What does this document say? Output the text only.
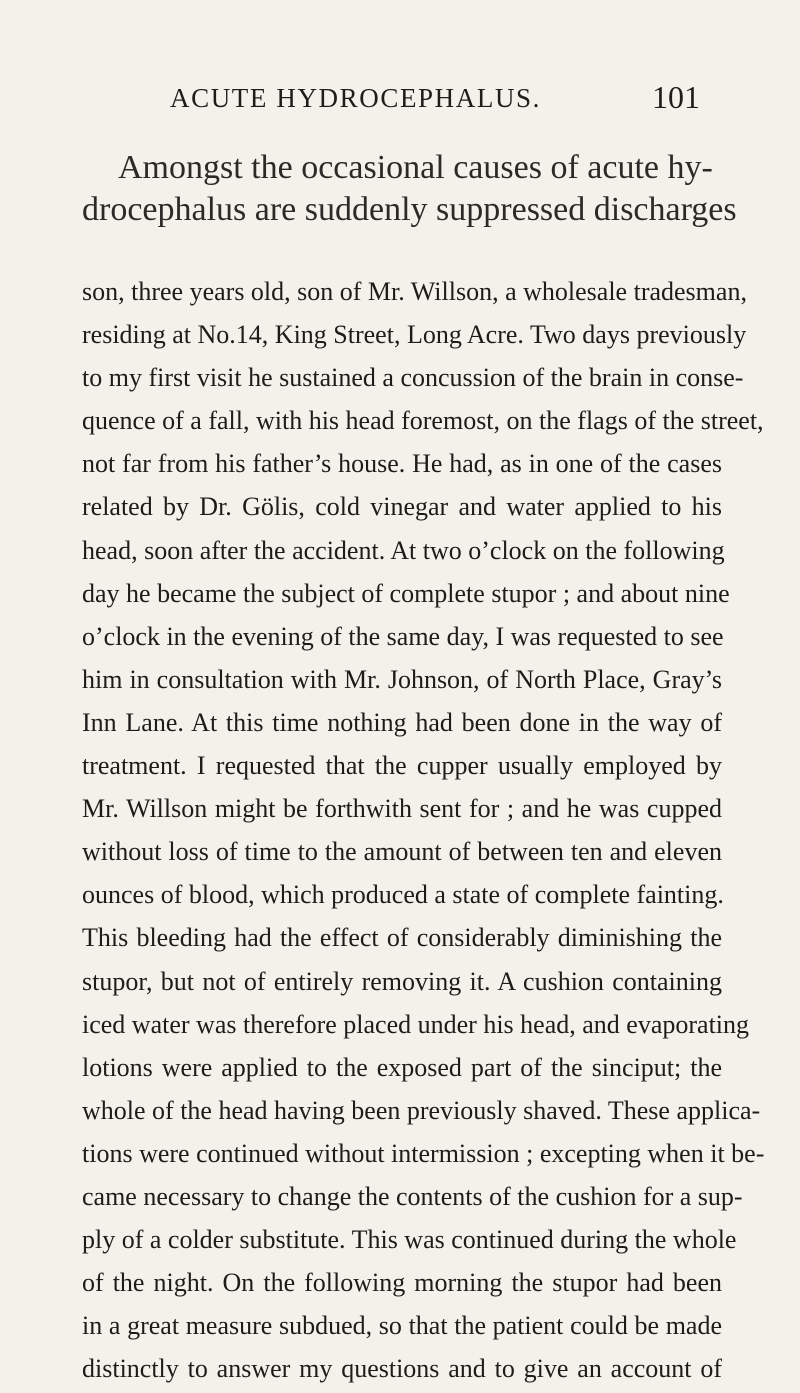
ACUTE HYDROCEPHALUS.	101
Amongst the occasional causes of acute hy-
drocephalus are suddenly suppressed discharges
son, three years old, son of Mr. Willson, a wholesale tradesman,
residing at No.14, King Street, Long Acre. Two days previously
to my first visit he sustained a concussion of the brain in conse-
quence of a fall, with his head foremost, on the flags of the street,
not far from his father’s house. He had, as in one of the cases
related by Dr. Gölis, cold vinegar and water applied to his
head, soon after the accident. At two o’clock on the following
day he became the subject of complete stupor ; and about nine
o’clock in the evening of the same day, I was requested to see
him in consultation with Mr. Johnson, of North Place, Gray’s
Inn Lane. At this time nothing had been done in the way of
treatment. I requested that the cupper usually employed by
Mr. Willson might be forthwith sent for ; and he was cupped
without loss of time to the amount of between ten and eleven
ounces of blood, which produced a state of complete fainting.
This bleeding had the effect of considerably diminishing the
stupor, but not of entirely removing it. A cushion containing
iced water was therefore placed under his head, and evaporating
lotions were applied to the exposed part of the sinciput; the
whole of the head having been previously shaved. These applica-
tions were continued without intermission ; excepting when it be-
came necessary to change the contents of the cushion for a sup-
ply of a colder substitute. This was continued during the whole
of the night. On the following morning the stupor had been
in a great measure subdued, so that the patient could be made
distinctly to answer my questions and to give an account of
